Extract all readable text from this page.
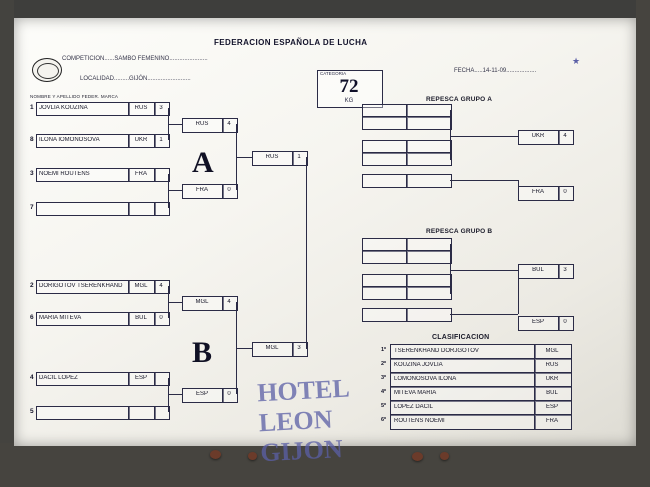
FEDERACION ESPAÑOLA DE LUCHA
★
COMPETICION......SAMBO FEMENINO.......................
LOCALIDAD.........GIJÓN..........................
FECHA.....14-11-09..................
CATEGORIA
72
KG
NOMBRE Y APELLIDO FEDER. MARCA
1 JOVLIA KOUZINA	RUS	3
8 ILONA IOMONOSOVA	UKR	1
3 NOEMI ROUTENS	FRA
7
2 DORIGOTOV TSERENKHAND	MGL	4
6 MARIA MITEVA	BUL	0
4 DACIL LOPEZ	ESP
5
RUS	4
FRA	0
MGL	4
ESP	0
A
B
RUS	1
MGL	3
REPESCA GRUPO A
UKR	4
FRA	0
REPESCA GRUPO B
BUL	3
ESP	0
CLASIFICACION
1º TSERENKHAND DORJGOTOV	MGL
2º KOUZINA JOVLIA	RUS
3º LOMONOSOVA ILONA	UKR
4º MITEVA MARIA	BUL
5º LOPEZ DACIL	ESP
6º ROUTENS NOEMI	FRA
HOTEL LEON GIJON
